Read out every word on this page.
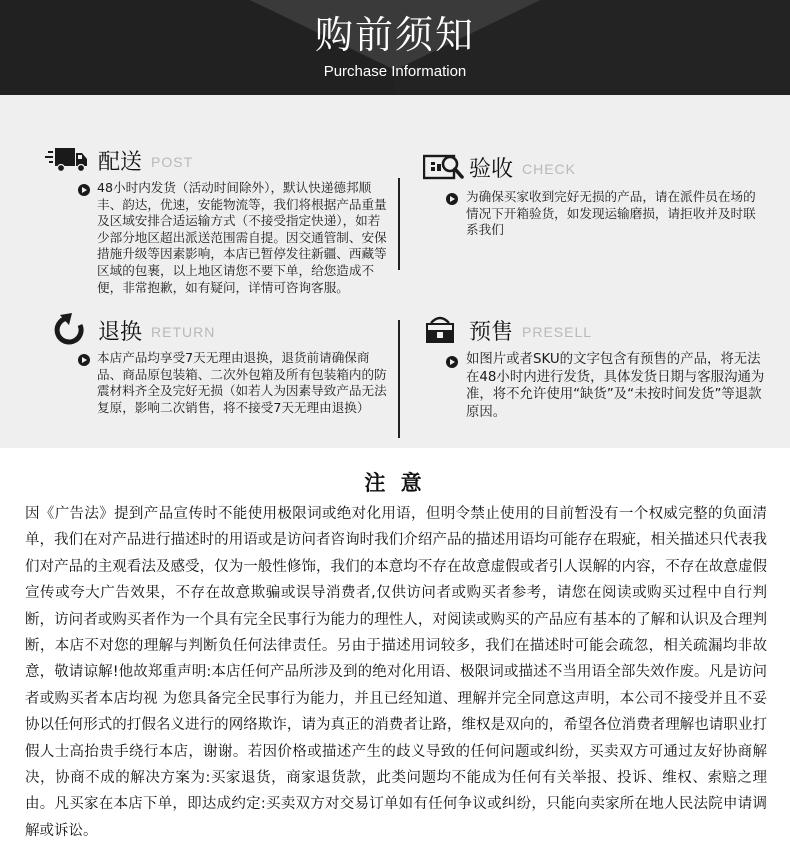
购前须知
Purchase Information
配送 POST
48小时内发货（活动时间除外），默认快递德邦顺丰、韵达，优速，安能物流等，我们将根据产品重量及区域安排合适运输方式（不接受指定快递），如若少部分地区超出派送范围需自提。因交通管制、安保措施升级等因素影响，本店已暂停发往新疆、西藏等区域的包裹，以上地区请您不要下单，给您造成不便，非常抱歉，如有疑问，详情可咨询客服。
验收 CHECK
为确保买家收到完好无损的产品，请在派件员在场的情况下开箱验货，如发现运输磨损，请拒收并及时联系我们
退换 RETURN
本店产品均享受7天无理由退换，退货前请确保商品、商品原包装箱、二次外包箱及所有包装箱内的防震材料齐全及完好无损（如若人为因素导致产品无法复原，影响二次销售，将不接受7天无理由退换）
预售 PRESELL
如图片或者SKU的文字包含有预售的产品，将无法在48小时内进行发货，具体发货日期与客服沟通为准，将不允许使用“缺货”及“未按时间发货”等退款原因。
注 意
因《广告法》提到产品宣传时不能使用极限词或绝对化用语，但明令禁止使用的目前暂没有一个权威完整的负面清单，我们在对产品进行描述时的用语或是访问者咨询时我们介绍产品的描述用语均可能存在瑕疵，相关描述只代表我们对产品的主观看法及感受，仅为一般性修饰，我们的本意均不存在故意虚假或者引人误解的内容，不存在故意虚假宣传或夸大广告效果，不存在故意欺骗或误导消费者,仅供访问者或购买者参考，请您在阅读或购买过程中自行判断，访问者或购买者作为一个具有完全民事行为能力的理性人，对阅读或购买的产品应有基本的了解和认识及合理判断，本店不对您的理解与判断负任何法律责任。另由于描述用词较多，我们在描述时可能会疏忽，相关疏漏均非故意，敬请谅解!他故郑重声明:本店任何产品所涉及到的绝对化用语、极限词或描述不当用语全部失效作废。凡是访问者或购买者本店均视 为您具备完全民事行为能力，并且已经知道、理解并完全同意这声明，本公司不接受并且不妥协以任何形式的打假名义进行的网络欺诈，请为真正的消费者让路，维权是双向的，希望各位消费者理解也请职业打假人士高抬贵手绕行本店，谢谢。若因价格或描述产生的歧义导致的任何问题或纠纷，买卖双方可通过友好协商解决，协商不成的解决方案为:买家退货，商家退货款，此类问题均不能成为任何有关举报、投诉、维权、索赔之理由。凡买家在本店下单，即达成约定:买卖双方对交易订单如有任何争议或纠纷，只能向卖家所在地人民法院申请调解或诉讼。
